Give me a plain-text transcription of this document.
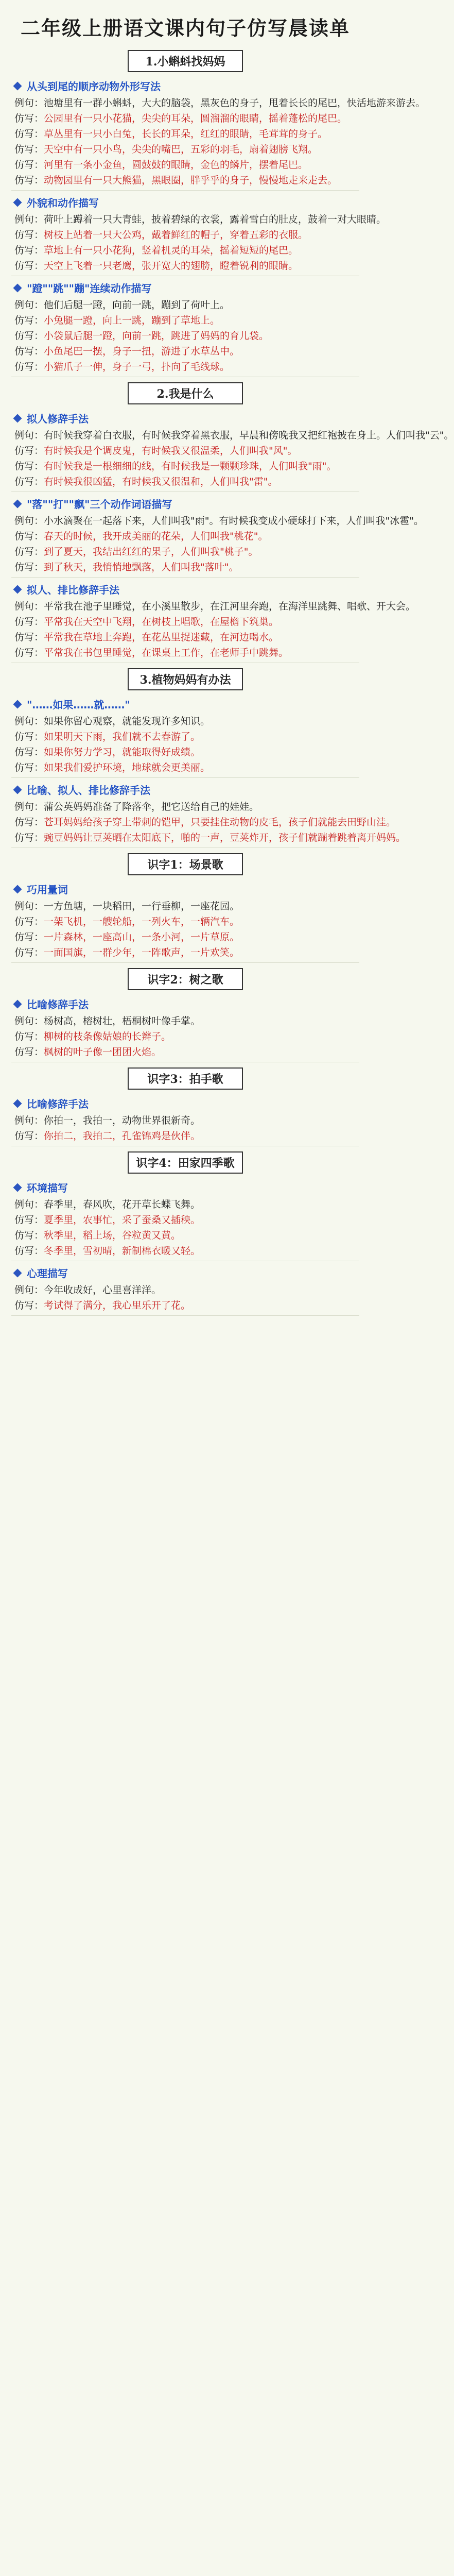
二年级上册语文课内句子仿写晨读单
1.小蝌蚪找妈妈
从头到尾的顺序动物外形写法
例句：池塘里有一群小蝌蚪，大大的脑袋，黑灰色的身子，甩着长长的尾巴，快活地游来游去。
仿写：公园里有一只小花猫，尖尖的耳朵，圆溜溜的眼睛，摇着蓬松的尾巴。
仿写：草丛里有一只小白兔，长长的耳朵，红红的眼睛，毛茸茸的身子。
仿写：天空中有一只小鸟，尖尖的嘴巴，五彩的羽毛，扇着翅膀飞翔。
仿写：河里有一条小金鱼，圆鼓鼓的眼睛，金色的鳞片，摆着尾巴。
仿写：动物园里有一只大熊猫，黑眼圈，胖乎乎的身子，慢慢地走来走去。
外貌和动作描写
例句：荷叶上蹲着一只大青蛙，披着碧绿的衣裳，露着雪白的肚皮，鼓着一对大眼睛。
仿写：树枝上站着一只大公鸡，戴着鲜红的帽子，穿着五彩的衣服。
仿写：草地上有一只小花狗，竖着机灵的耳朵，摇着短短的尾巴。
仿写：天空上飞着一只老鹰，张开宽大的翅膀，瞪着锐利的眼睛。
"蹬""跳""蹦"连续动作描写
例句：他们后腿一蹬，向前一跳，蹦到了荷叶上。
仿写：小兔腿一蹬，向上一跳，蹦到了草地上。
仿写：小袋鼠后腿一蹬，向前一跳，跳进了妈妈的育儿袋。
仿写：小鱼尾巴一摆，身子一扭，游进了水草丛中。
仿写：小猫爪子一伸，身子一弓，扑向了毛线球。
2.我是什么
拟人修辞手法
例句：有时候我穿着白衣服，有时候我穿着黑衣服，早晨和傍晚我又把红袍披在身上。人们叫我"云"。
仿写：有时候我是个调皮鬼，有时候我又很温柔，人们叫我"风"。
仿写：有时候我是一根细细的线，有时候我是一颗颗珍珠，人们叫我"雨"。
仿写：有时候我很凶猛，有时候我又很温和，人们叫我"雷"。
"落""打""飘"三个动作词语描写
例句：小水滴聚在一起落下来，人们叫我"雨"。有时候我变成小硬球打下来，人们叫我"冰雹"。
仿写：春天的时候，我开成美丽的花朵，人们叫我"桃花"。
仿写：到了夏天，我结出红红的果子，人们叫我"桃子"。
仿写：到了秋天，我悄悄地飘落，人们叫我"落叶"。
拟人、排比修辞手法
例句：平常我在池子里睡觉，在小溪里散步，在江河里奔跑，在海洋里跳舞、唱歌、开大会。
仿写：平常我在天空中飞翔，在树枝上唱歌，在屋檐下筑巢。
仿写：平常我在草地上奔跑，在花丛里捉迷藏，在河边喝水。
仿写：平常我在书包里睡觉，在课桌上工作，在老师手中跳舞。
3.植物妈妈有办法
"……如果……就……"
例句：如果你留心观察，就能发现许多知识。
仿写：如果明天下雨，我们就不去春游了。
仿写：如果你努力学习，就能取得好成绩。
仿写：如果我们爱护环境，地球就会更美丽。
比喻、拟人、排比修辞手法
例句：蒲公英妈妈准备了降落伞，把它送给自己的娃娃。
仿写：苍耳妈妈给孩子穿上带刺的铠甲，只要挂住动物的皮毛，孩子们就能去田野山洼。
仿写：豌豆妈妈让豆荚晒在太阳底下，啪的一声，豆荚炸开，孩子们就蹦着跳着离开妈妈。
识字1：场景歌
巧用量词
例句：一方鱼塘，一块稻田，一行垂柳，一座花园。
仿写：一架飞机，一艘轮船，一列火车，一辆汽车。
仿写：一片森林，一座高山，一条小河，一片草原。
仿写：一面国旗，一群少年，一阵歌声，一片欢笑。
识字2：树之歌
比喻修辞手法
例句：杨树高，榕树壮，梧桐树叶像手掌。
仿写：柳树的枝条像姑娘的长辫子。
仿写：枫树的叶子像一团团火焰。
识字3：拍手歌
比喻修辞手法
例句：你拍一，我拍一，动物世界很新奇。
仿写：你拍二，我拍二，孔雀锦鸡是伙伴。
识字4：田家四季歌
环境描写
例句：春季里，春风吹，花开草长蝶飞舞。
仿写：夏季里，农事忙，采了蚕桑又插秧。
仿写：秋季里，稻上场，谷粒黄又黄。
仿写：冬季里，雪初晴，新制棉衣暖又轻。
心理描写
例句：今年收成好，心里喜洋洋。
仿写：考试得了满分，我心里乐开了花。
